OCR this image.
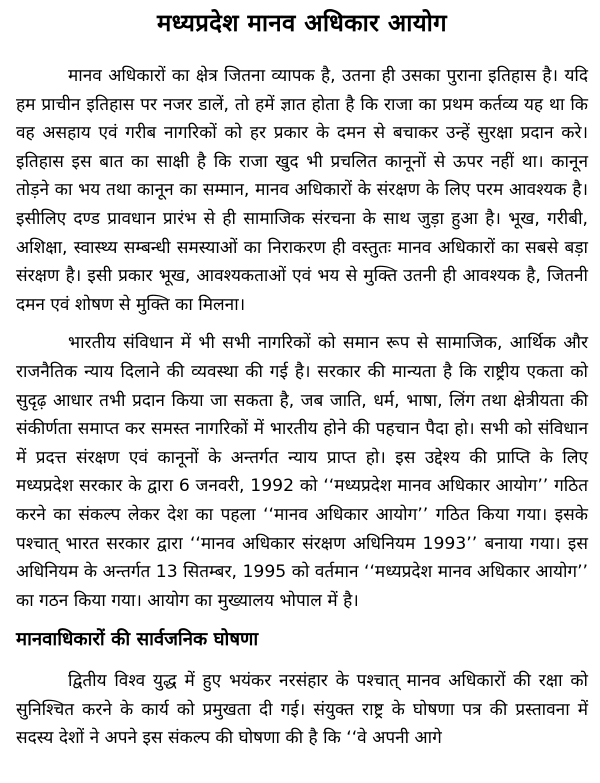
मध्यप्रदेश मानव अधिकार आयोग

मानव अधिकारों का क्षेत्र जितना व्यापक है, उतना ही उसका पुराना इतिहास है। यदि हम प्राचीन इतिहास पर नजर डालें, तो हमें ज्ञात होता है कि राजा का प्रथम कर्तव्य यह था कि वह असहाय एवं गरीब नागरिकों को हर प्रकार के दमन से बचाकर उन्हें सुरक्षा प्रदान करे। इतिहास इस बात का साक्षी है कि राजा खुद भी प्रचलित कानूनों से ऊपर नहीं था। कानून तोड़ने का भय तथा कानून का सम्मान, मानव अधिकारों के संरक्षण के लिए परम आवश्यक है। इसीलिए दण्ड प्रावधान प्रारंभ से ही सामाजिक संरचना के साथ जुड़ा हुआ है। भूख, गरीबी, अशिक्षा, स्वास्थ्य सम्बन्धी समस्याओं का निराकरण ही वस्तुतः मानव अधिकारों का सबसे बड़ा संरक्षण है। इसी प्रकार भूख, आवश्यकताओं एवं भय से मुक्ति उतनी ही आवश्यक है, जितनी दमन एवं शोषण से मुक्ति का मिलना।

भारतीय संविधान में भी सभी नागरिकों को समान रूप से सामाजिक, आर्थिक और राजनैतिक न्याय दिलाने की व्यवस्था की गई है। सरकार की मान्यता है कि राष्ट्रीय एकता को सुदृढ़ आधार तभी प्रदान किया जा सकता है, जब जाति, धर्म, भाषा, लिंग तथा क्षेत्रीयता की संकीर्णता समाप्त कर समस्त नागरिकों में भारतीय होने की पहचान पैदा हो। सभी को संविधान में प्रदत्त संरक्षण एवं कानूनों के अन्तर्गत न्याय प्राप्त हो। इस उद्देश्य की प्राप्ति के लिए मध्यप्रदेश सरकार के द्वारा 6 जनवरी, 1992 को ‘‘मध्यप्रदेश मानव अधिकार आयोग’’ गठित करने का संकल्प लेकर देश का पहला ‘‘मानव अधिकार आयोग’’ गठित किया गया। इसके पश्चात् भारत सरकार द्वारा ‘‘मानव अधिकार संरक्षण अधिनियम 1993’’ बनाया गया। इस अधिनियम के अन्तर्गत 13 सितम्बर, 1995 को वर्तमान ‘‘मध्यप्रदेश मानव अधिकार आयोग’’ का गठन किया गया। आयोग का मुख्यालय भोपाल में है।

मानवाधिकारों की सार्वजनिक घोषणा

द्वितीय विश्व युद्ध में हुए भयंकर नरसंहार के पश्चात् मानव अधिकारों की रक्षा को सुनिश्चित करने के कार्य को प्रमुखता दी गई। संयुक्त राष्ट्र के घोषणा पत्र की प्रस्तावना में सदस्य देशों ने अपने इस संकल्प की घोषणा की है कि ‘‘वे अपनी आगे
